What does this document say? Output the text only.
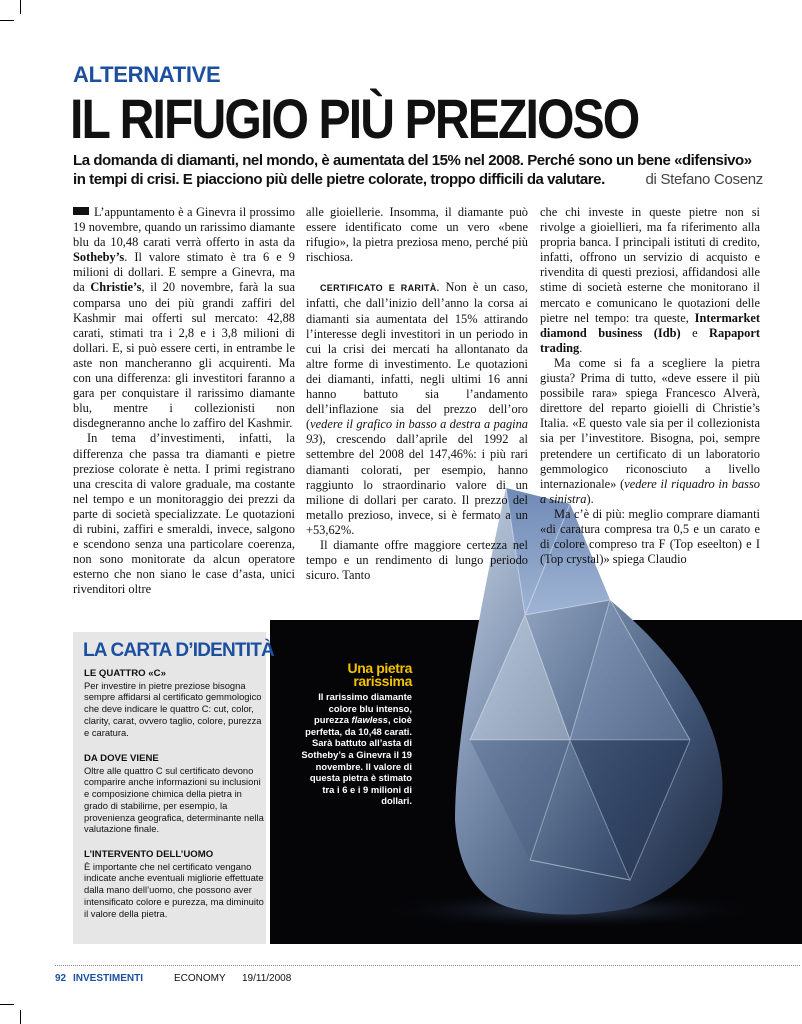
ALTERNATIVE
IL RIFUGIO PIÙ PREZIOSO
La domanda di diamanti, nel mondo, è aumentata del 15% nel 2008. Perché sono un bene «difensivo»
in tempi di crisi. E piacciono più delle pietre colorate, troppo difficili da valutare.	di Stefano Cosenz

L’appuntamento è a Ginevra il prossimo 19 novembre, quando un rarissimo diamante blu da 10,48 carati verrà offerto in asta da Sotheby’s. Il valore stimato è tra 6 e 9 milioni di dollari. E sempre a Ginevra, ma da Christie’s, il 20 novembre, farà la sua comparsa uno dei più grandi zaffiri del Kashmir mai offerti sul mercato: 42,88 carati, stimati tra i 2,8 e i 3,8 milioni di dollari. E, si può essere certi, in entrambe le aste non mancheranno gli acquirenti. Ma con una differenza: gli investitori faranno a gara per conquistare il rarissimo diamante blu, mentre i collezionisti non disdegneranno anche lo zaffiro del Kashmir.

In tema d’investimenti, infatti, la differenza che passa tra diamanti e pietre preziose colorate è netta. I primi registrano una crescita di valore graduale, ma costante nel tempo e un monitoraggio dei prezzi da parte di società specializzate. Le quotazioni di rubini, zaffiri e smeraldi, invece, salgono e scendono senza una particolare coerenza, non sono monitorate da alcun operatore esterno che non siano le case d’asta, unici rivenditori oltre

alle gioiellerie. Insomma, il diamante può essere identificato come un vero «bene rifugio», la pietra preziosa meno, perché più rischiosa.

CERTIFICATO E RARITÀ. Non è un caso, infatti, che dall’inizio dell’anno la corsa ai diamanti sia aumentata del 15% attirando l’interesse degli investitori in un periodo in cui la crisi dei mercati ha allontanato da altre forme di investimento. Le quotazioni dei diamanti, infatti, negli ultimi 16 anni hanno battuto sia l’andamento dell’inflazione sia del prezzo dell’oro (vedere il grafico in basso a destra a pagina 93), crescendo dall’aprile del 1992 al settembre del 2008 del 147,46%: i più rari diamanti colorati, per esempio, hanno raggiunto lo straordinario valore di un milione di dollari per carato. Il prezzo del metallo prezioso, invece, si è fermato a un +53,62%.

Il diamante offre maggiore certezza nel tempo e un rendimento di lungo periodo sicuro. Tanto

che chi investe in queste pietre non si rivolge a gioiellieri, ma fa riferimento alla propria banca. I principali istituti di credito, infatti, offrono un servizio di acquisto e rivendita di questi preziosi, affidandosi alle stime di società esterne che monitorano il mercato e comunicano le quotazioni delle pietre nel tempo: tra queste, Intermarket diamond business (Idb) e Rapaport trading.

Ma come si fa a scegliere la pietra giusta? Prima di tutto, «deve essere il più possibile rara» spiega Francesco Alverà, direttore del reparto gioielli di Christie’s Italia. «E questo vale sia per il collezionista sia per l’investitore. Bisogna, poi, sempre pretendere un certificato di un laboratorio gemmologico riconosciuto a livello internazionale» (vedere il riquadro in basso a sinistra).

Ma c’è di più: meglio comprare diamanti «di caratura compresa tra 0,5 e un carato e di colore compreso tra F (Top eseelton) e I (Top crystal)» spiega Claudio

LA CARTA D’IDENTITÀ
LE QUATTRO «C»
Per investire in pietre preziose bisogna sempre affidarsi al certificato gemmologico che deve indicare le quattro C: cut, color, clarity, carat, ovvero taglio, colore, purezza e caratura.
DA DOVE VIENE
Oltre alle quattro C sul certificato devono comparire anche informazioni su inclusioni e composizione chimica della pietra in grado di stabilirne, per esempio, la provenienza geografica, determinante nella valutazione finale.
L’INTERVENTO DELL’UOMO
È importante che nel certificato vengano indicate anche eventuali migliorie effettuate dalla mano dell’uomo, che possono aver intensificato colore e purezza, ma diminuito il valore della pietra.
Una pietra
rarissima
Il rarissimo diamante colore blu intenso, purezza flawless, cioè perfetta, da 10,48 carati. Sarà battuto all’asta di Sotheby’s a Ginevra il 19 novembre. Il valore di questa pietra è stimato tra i 6 e i 9 milioni di dollari.
92 INVESTIMENTI	ECONOMY 19/11/2008
